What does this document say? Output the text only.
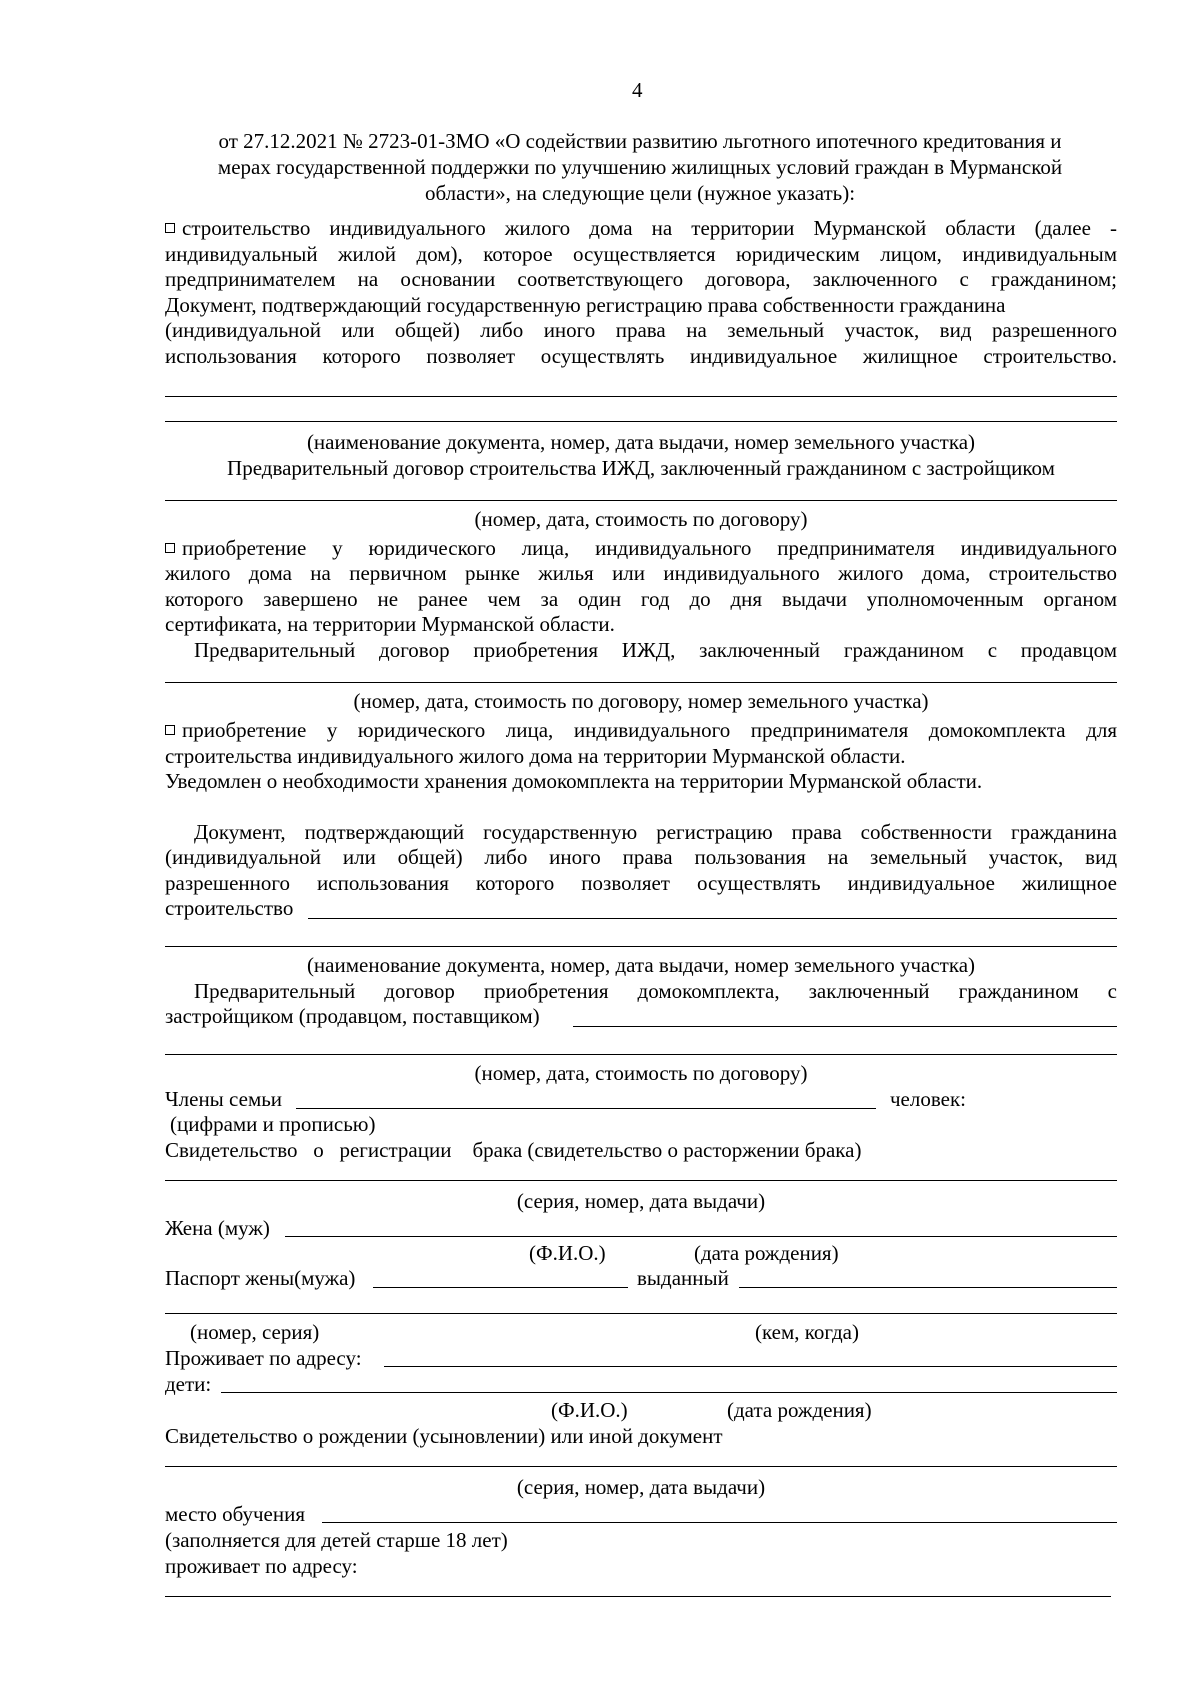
4
от 27.12.2021 № 2723-01-ЗМО «О содействии развитию льготного ипотечного кредитования и
мерах государственной поддержки по улучшению жилищных условий граждан в Мурманской
области», на следующие цели (нужное указать):
строительство индивидуального жилого дома на территории Мурманской области (далее -
индивидуальный жилой дом), которое осуществляется юридическим лицом, индивидуальным
предпринимателем на основании соответствующего договора, заключенного с гражданином;
Документ, подтверждающий государственную регистрацию права собственности гражданина
(индивидуальной или общей) либо иного права на земельный участок, вид разрешенного
использования которого позволяет осуществлять индивидуальное жилищное строительство.
(наименование документа, номер, дата выдачи, номер земельного участка)
Предварительный договор строительства ИЖД, заключенный гражданином с застройщиком
(номер, дата, стоимость по договору)
приобретение у юридического лица, индивидуального предпринимателя индивидуального
жилого дома на первичном рынке жилья или индивидуального жилого дома, строительство
которого завершено не ранее чем за один год до дня выдачи уполномоченным органом
сертификата, на территории Мурманской области.
Предварительный договор приобретения ИЖД, заключенный гражданином с продавцом
(номер, дата, стоимость по договору, номер земельного участка)
приобретение у юридического лица, индивидуального предпринимателя домокомплекта для
строительства индивидуального жилого дома на территории Мурманской области.
Уведомлен о необходимости хранения домокомплекта на территории Мурманской области.
Документ, подтверждающий государственную регистрацию права собственности гражданина
(индивидуальной или общей) либо иного права пользования на земельный участок, вид
разрешенного использования которого позволяет осуществлять индивидуальное жилищное
строительство
(наименование документа, номер, дата выдачи, номер земельного участка)
Предварительный договор приобретения домокомплекта, заключенный гражданином с
застройщиком (продавцом, поставщиком)
(номер, дата, стоимость по договору)
Члены семьи	человек:
(цифрами и прописью)
Свидетельство   о   регистрации    брака (свидетельство о расторжении брака)
(серия, номер, дата выдачи)
Жена (муж)
(Ф.И.О.)	(дата рождения)
Паспорт жены(мужа)	выданный
(номер, серия)	(кем, когда)
Проживает по адресу:
дети:
(Ф.И.О.)	(дата рождения)
Свидетельство о рождении (усыновлении) или иной документ
(серия, номер, дата выдачи)
место обучения
(заполняется для детей старше 18 лет)
проживает по адресу:
